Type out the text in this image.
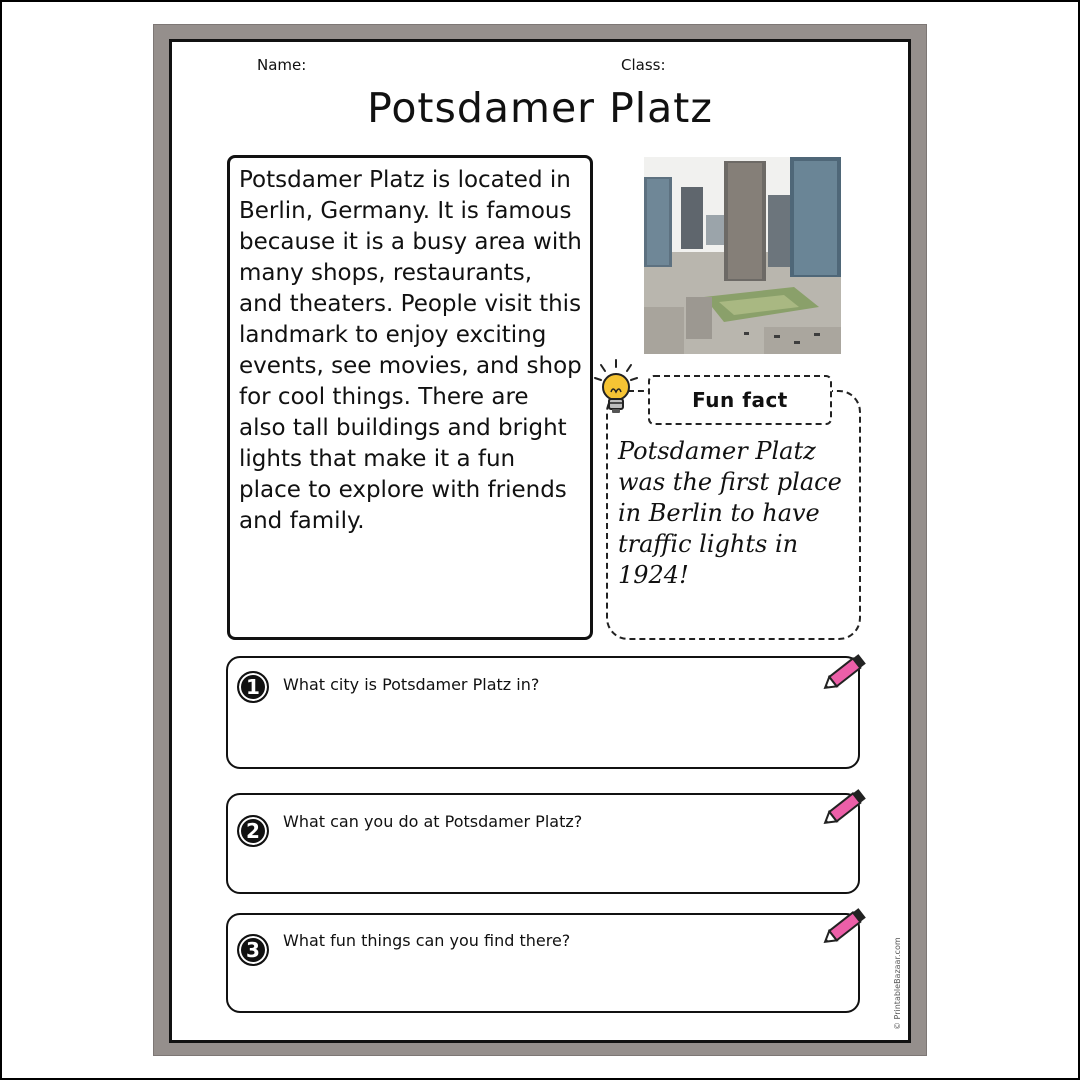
Name:	Class:
Potsdamer Platz
Potsdamer Platz is located in Berlin, Germany. It is famous because it is a busy area with many shops, restaurants, and theaters. People visit this landmark to enjoy exciting events, see movies, and shop for cool things. There are also tall buildings and bright lights that make it a fun place to explore with friends and family.
Fun fact
Potsdamer Platz was the first place in Berlin to have traffic lights in 1924!
1	What city is Potsdamer Platz in?
2	What can you do at Potsdamer Platz?
3	What fun things can you find there?	© PrintableBazaar.com
